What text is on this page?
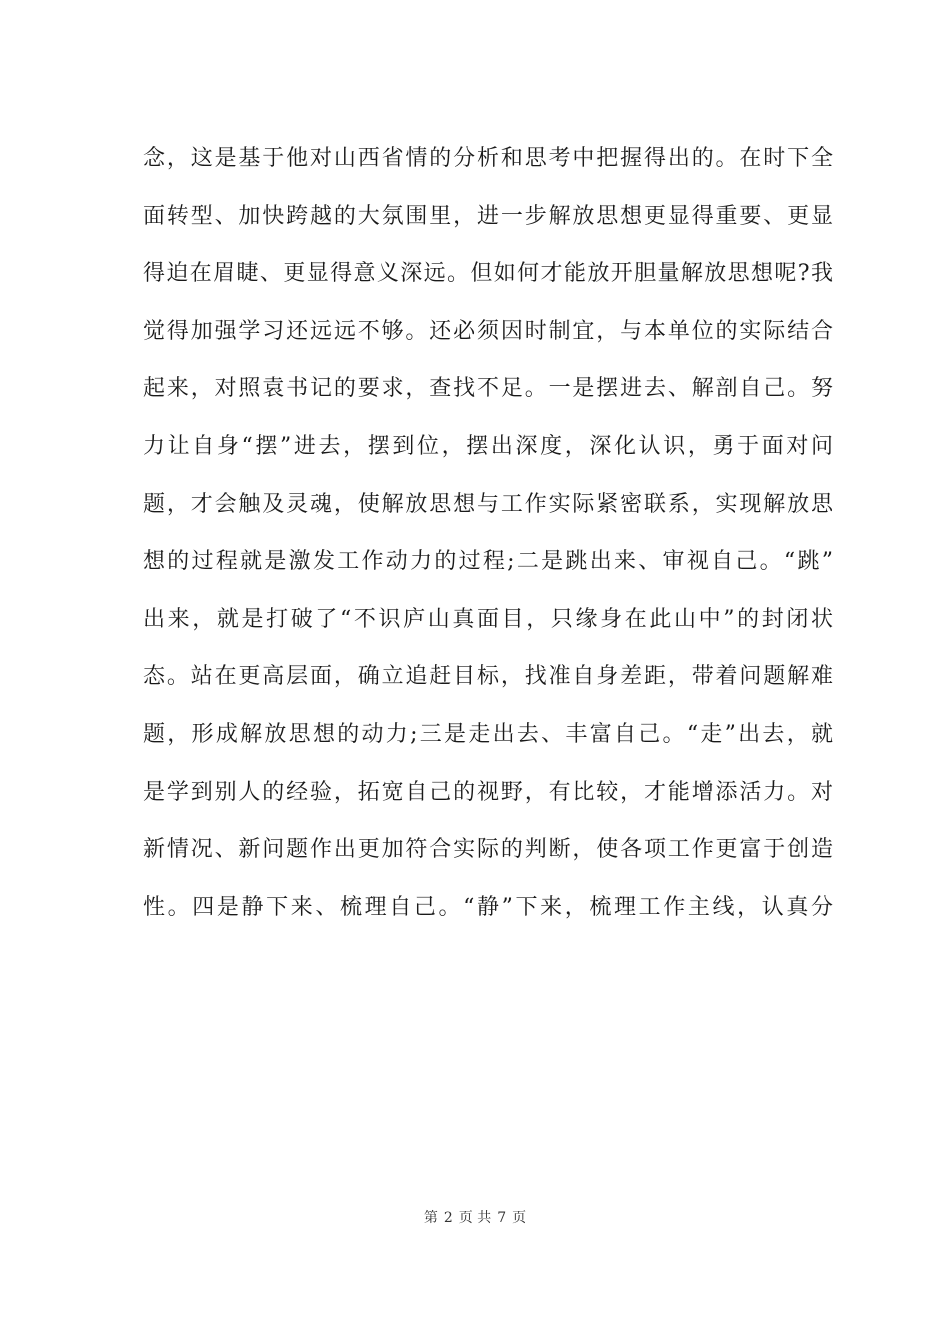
念，这是基于他对山西省情的分析和思考中把握得出的。在时下全
面转型、加快跨越的大氛围里，进一步解放思想更显得重要、更显
得迫在眉睫、更显得意义深远。但如何才能放开胆量解放思想呢?我
觉得加强学习还远远不够。还必须因时制宜，与本单位的实际结合
起来，对照袁书记的要求，查找不足。一是摆进去、解剖自己。努
力让自身“摆”进去，摆到位，摆出深度，深化认识，勇于面对问
题，才会触及灵魂，使解放思想与工作实际紧密联系，实现解放思
想的过程就是激发工作动力的过程;二是跳出来、审视自己。“跳”
出来，就是打破了“不识庐山真面目，只缘身在此山中”的封闭状
态。站在更高层面，确立追赶目标，找准自身差距，带着问题解难
题，形成解放思想的动力;三是走出去、丰富自己。“走”出去，就
是学到别人的经验，拓宽自己的视野，有比较，才能增添活力。对
新情况、新问题作出更加符合实际的判断，使各项工作更富于创造
性。四是静下来、梳理自己。“静”下来，梳理工作主线，认真分
第 2 页 共 7 页
